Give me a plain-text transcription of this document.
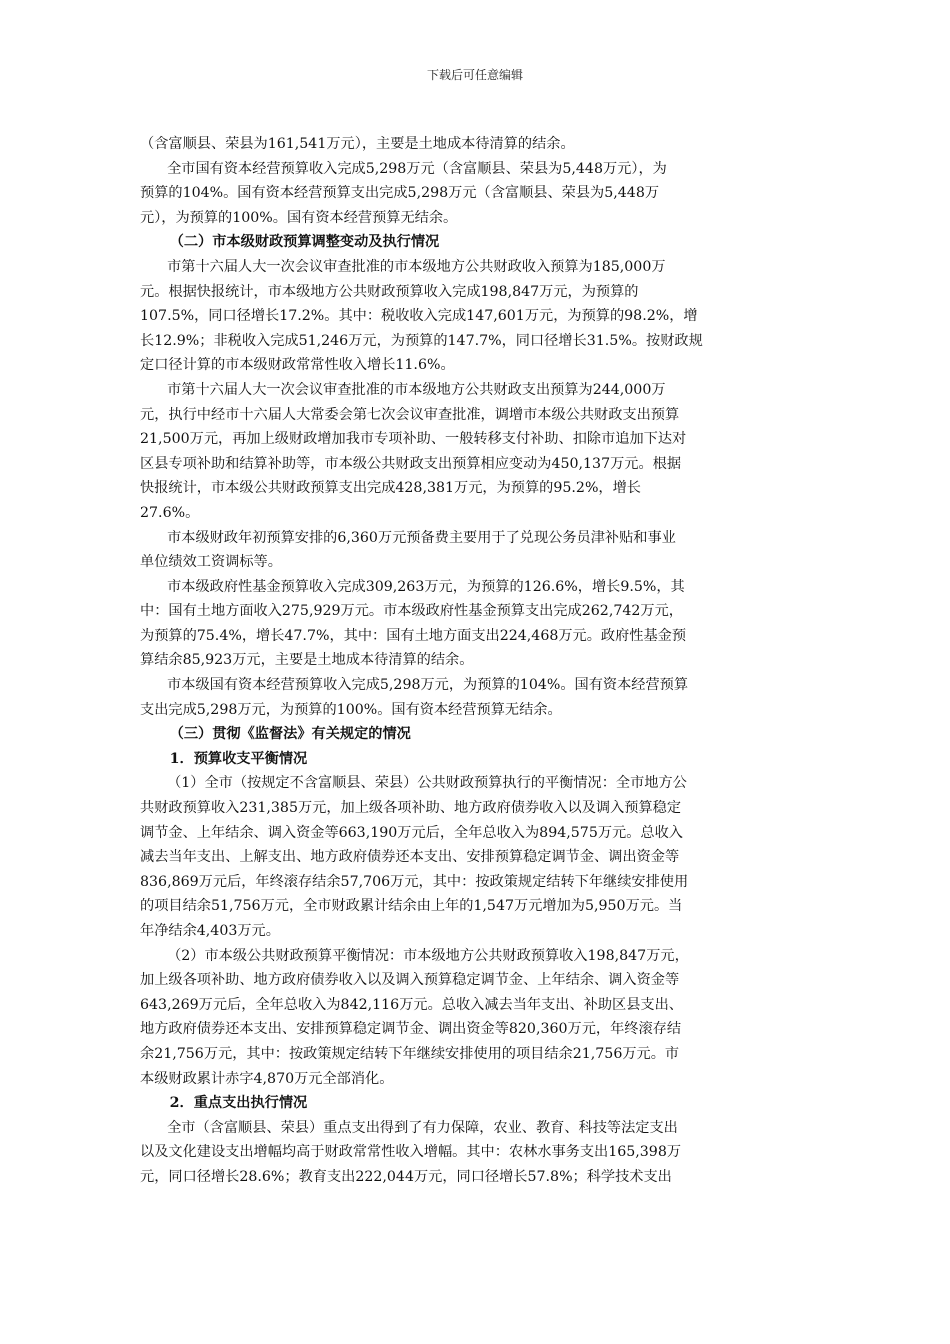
下载后可任意编辑

（含富顺县、荣县为161,541万元），主要是土地成本待清算的结余。

全市国有资本经营预算收入完成5,298万元（含富顺县、荣县为5,448万元），为

预算的104%。国有资本经营预算支出完成5,298万元（含富顺县、荣县为5,448万

元），为预算的100%。国有资本经营预算无结余。

（二）市本级财政预算调整变动及执行情况

市第十六届人大一次会议审查批准的市本级地方公共财政收入预算为185,000万

元。根据快报统计，市本级地方公共财政预算收入完成198,847万元，为预算的

107.5%，同口径增长17.2%。其中：税收收入完成147,601万元，为预算的98.2%，增

长12.9%；非税收入完成51,246万元，为预算的147.7%，同口径增长31.5%。按财政规

定口径计算的市本级财政常常性收入增长11.6%。

市第十六届人大一次会议审查批准的市本级地方公共财政支出预算为244,000万

元，执行中经市十六届人大常委会第七次会议审查批准，调增市本级公共财政支出预算

21,500万元，再加上级财政增加我市专项补助、一般转移支付补助、扣除市追加下达对

区县专项补助和结算补助等，市本级公共财政支出预算相应变动为450,137万元。根据

快报统计，市本级公共财政预算支出完成428,381万元，为预算的95.2%，增长

27.6%。

市本级财政年初预算安排的6,360万元预备费主要用于了兑现公务员津补贴和事业

单位绩效工资调标等。

市本级政府性基金预算收入完成309,263万元，为预算的126.6%，增长9.5%，其

中：国有土地方面收入275,929万元。市本级政府性基金预算支出完成262,742万元，

为预算的75.4%，增长47.7%，其中：国有土地方面支出224,468万元。政府性基金预

算结余85,923万元，主要是土地成本待清算的结余。

市本级国有资本经营预算收入完成5,298万元，为预算的104%。国有资本经营预算

支出完成5,298万元，为预算的100%。国有资本经营预算无结余。

（三）贯彻《监督法》有关规定的情况

1．预算收支平衡情况

（1）全市（按规定不含富顺县、荣县）公共财政预算执行的平衡情况：全市地方公

共财政预算收入231,385万元，加上级各项补助、地方政府债券收入以及调入预算稳定

调节金、上年结余、调入资金等663,190万元后，全年总收入为894,575万元。总收入

减去当年支出、上解支出、地方政府债券还本支出、安排预算稳定调节金、调出资金等

836,869万元后，年终滚存结余57,706万元，其中：按政策规定结转下年继续安排使用

的项目结余51,756万元，全市财政累计结余由上年的1,547万元增加为5,950万元。当

年净结余4,403万元。

（2）市本级公共财政预算平衡情况：市本级地方公共财政预算收入198,847万元，

加上级各项补助、地方政府债券收入以及调入预算稳定调节金、上年结余、调入资金等

643,269万元后，全年总收入为842,116万元。总收入减去当年支出、补助区县支出、

地方政府债券还本支出、安排预算稳定调节金、调出资金等820,360万元，年终滚存结

余21,756万元，其中：按政策规定结转下年继续安排使用的项目结余21,756万元。市

本级财政累计赤字4,870万元全部消化。

2．重点支出执行情况

全市（含富顺县、荣县）重点支出得到了有力保障，农业、教育、科技等法定支出

以及文化建设支出增幅均高于财政常常性收入增幅。其中：农林水事务支出165,398万

元，同口径增长28.6%；教育支出222,044万元，同口径增长57.8%；科学技术支出
